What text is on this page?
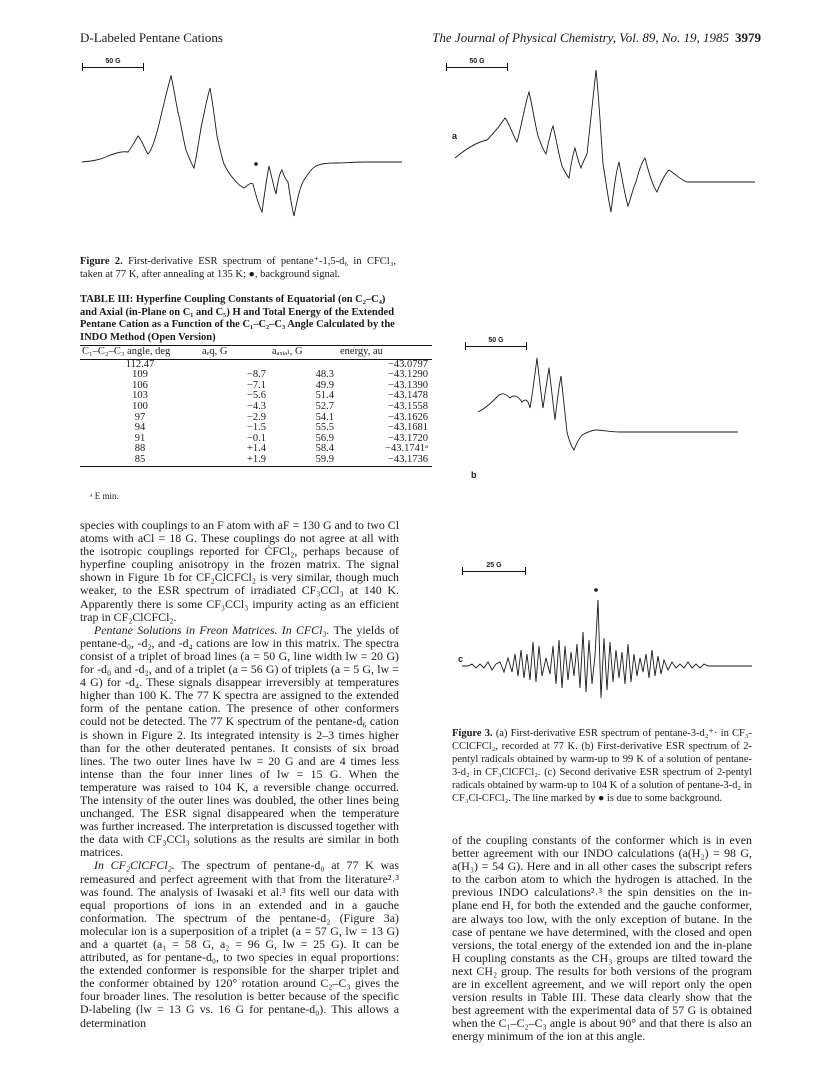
D-Labeled Pentane Cations	The Journal of Physical Chemistry, Vol. 89, No. 19, 1985 3979
50 G
Figure 2. First-derivative ESR spectrum of pentane⁺-1,5-d₆ in CFCl₃, taken at 77 K, after annealing at 135 K; ●, background signal.
TABLE III: Hyperfine Coupling Constants of Equatorial (on C₂–C₄) and Axial (in-Plane on C₁ and C₅) H and Total Energy of the Extended Pentane Cation as a Function of the C₁–C₂–C₃ Angle Calculated by the INDO Method (Open Version)
C₁–C₂–C₃ angle, deg	aₑq, G	aₐₓᵢₐₗ, G	energy, au
112.47			−43.0797
109	−8.7	48.3	−43.1290
106	−7.1	49.9	−43.1390
103	−5.6	51.4	−43.1478
100	−4.3	52.7	−43.1558
97	−2.9	54.1	−43.1626
94	−1.5	55.5	−43.1681
91	−0.1	56.9	−43.1720
88	+1.4	58.4	−43.1741ᵃ
85	+1.9	59.9	−43.1736
ᵃ E min.

species with couplings to an F atom with aF = 130 G and to two Cl atoms with aCl = 18 G. These couplings do not agree at all with the isotropic couplings reported for ĊFCl₂, perhaps because of hyperfine coupling anisotropy in the frozen matrix. The signal shown in Figure 1b for CF₂ClCFCl₂ is very similar, though much weaker, to the ESR spectrum of irradiated CF₃CCl₃ at 140 K. Apparently there is some CF₃CCl₃ impurity acting as an efficient trap in CF₂ClCFCl₂.

Pentane Solutions in Freon Matrices. In CFCl₃. The yields of pentane-d₀, -d₂, and -d₄ cations are low in this matrix. The spectra consist of a triplet of broad lines (a = 50 G, line width lw = 20 G) for -d₀ and -d₂, and of a triplet (a = 56 G) of triplets (a = 5 G, lw = 4 G) for -d₄. These signals disappear irreversibly at temperatures higher than 100 K. The 77 K spectra are assigned to the extended form of the pentane cation. The presence of other conformers could not be detected. The 77 K spectrum of the pentane-d₆ cation is shown in Figure 2. Its integrated intensity is 2–3 times higher than for the other deuterated pentanes. It consists of six broad lines. The two outer lines have lw = 20 G and are 4 times less intense than the four inner lines of lw = 15 G. When the temperature was raised to 104 K, a reversible change occurred. The intensity of the outer lines was doubled, the other lines being unchanged. The ESR signal disappeared when the temperature was further increased. The interpretation is discussed together with the data with CF₃CCl₃ solutions as the results are similar in both matrices.

In CF₂ClCFCl₂. The spectrum of pentane-d₀ at 77 K was remeasured and perfect agreement with that from the literature²˒³ was found. The analysis of Iwasaki et al.³ fits well our data with equal proportions of ions in an extended and in a gauche conformation. The spectrum of the pentane-d₂ (Figure 3a) molecular ion is a superposition of a triplet (a = 57 G, lw = 13 G) and a quartet (a₁ = 58 G, a₂ = 96 G, lw = 25 G). It can be attributed, as for pentane-d₀, to two species in equal proportions: the extended conformer is responsible for the sharper triplet and the conformer obtained by 120° rotation around C₂–C₃ gives the four broader lines. The resolution is better because of the specific D-labeling (lw = 13 G vs. 16 G for pentane-d₀). This allows a determination

50 G
a
50 G
b
25 G
c
Figure 3. (a) First-derivative ESR spectrum of pentane-3-d₂⁺· in CF₃-CClCFCl₂, recorded at 77 K. (b) First-derivative ESR spectrum of 2-pentyl radicals obtained by warm-up to 99 K of a solution of pentane-3-d₂ in CF₃ClCFCl₂. (c) Second derivative ESR spectrum of 2-pentyl radicals obtained by warm-up to 104 K of a solution of pentane-3-d₂ in CF₃Cl-CFCl₂. The line marked by ● is due to some background.

of the coupling constants of the conformer which is in even better agreement with our INDO calculations (a(H₂) = 98 G, a(H₃) = 54 G). Here and in all other cases the subscript refers to the carbon atom to which the hydrogen is attached. In the previous INDO calculations²˒³ the spin densities on the in-plane end H, for both the extended and the gauche conformer, are always too low, with the only exception of butane. In the case of pentane we have determined, with the closed and open versions, the total energy of the extended ion and the in-plane H coupling constants as the CH₃ groups are tilted toward the next CH₂ group. The results for both versions of the program are in excellent agreement, and we will report only the open version results in Table III. These data clearly show that the best agreement with the experimental data of 57 G is obtained when the C₁–C₂–C₃ angle is about 90° and that there is also an energy minimum of the ion at this angle.
